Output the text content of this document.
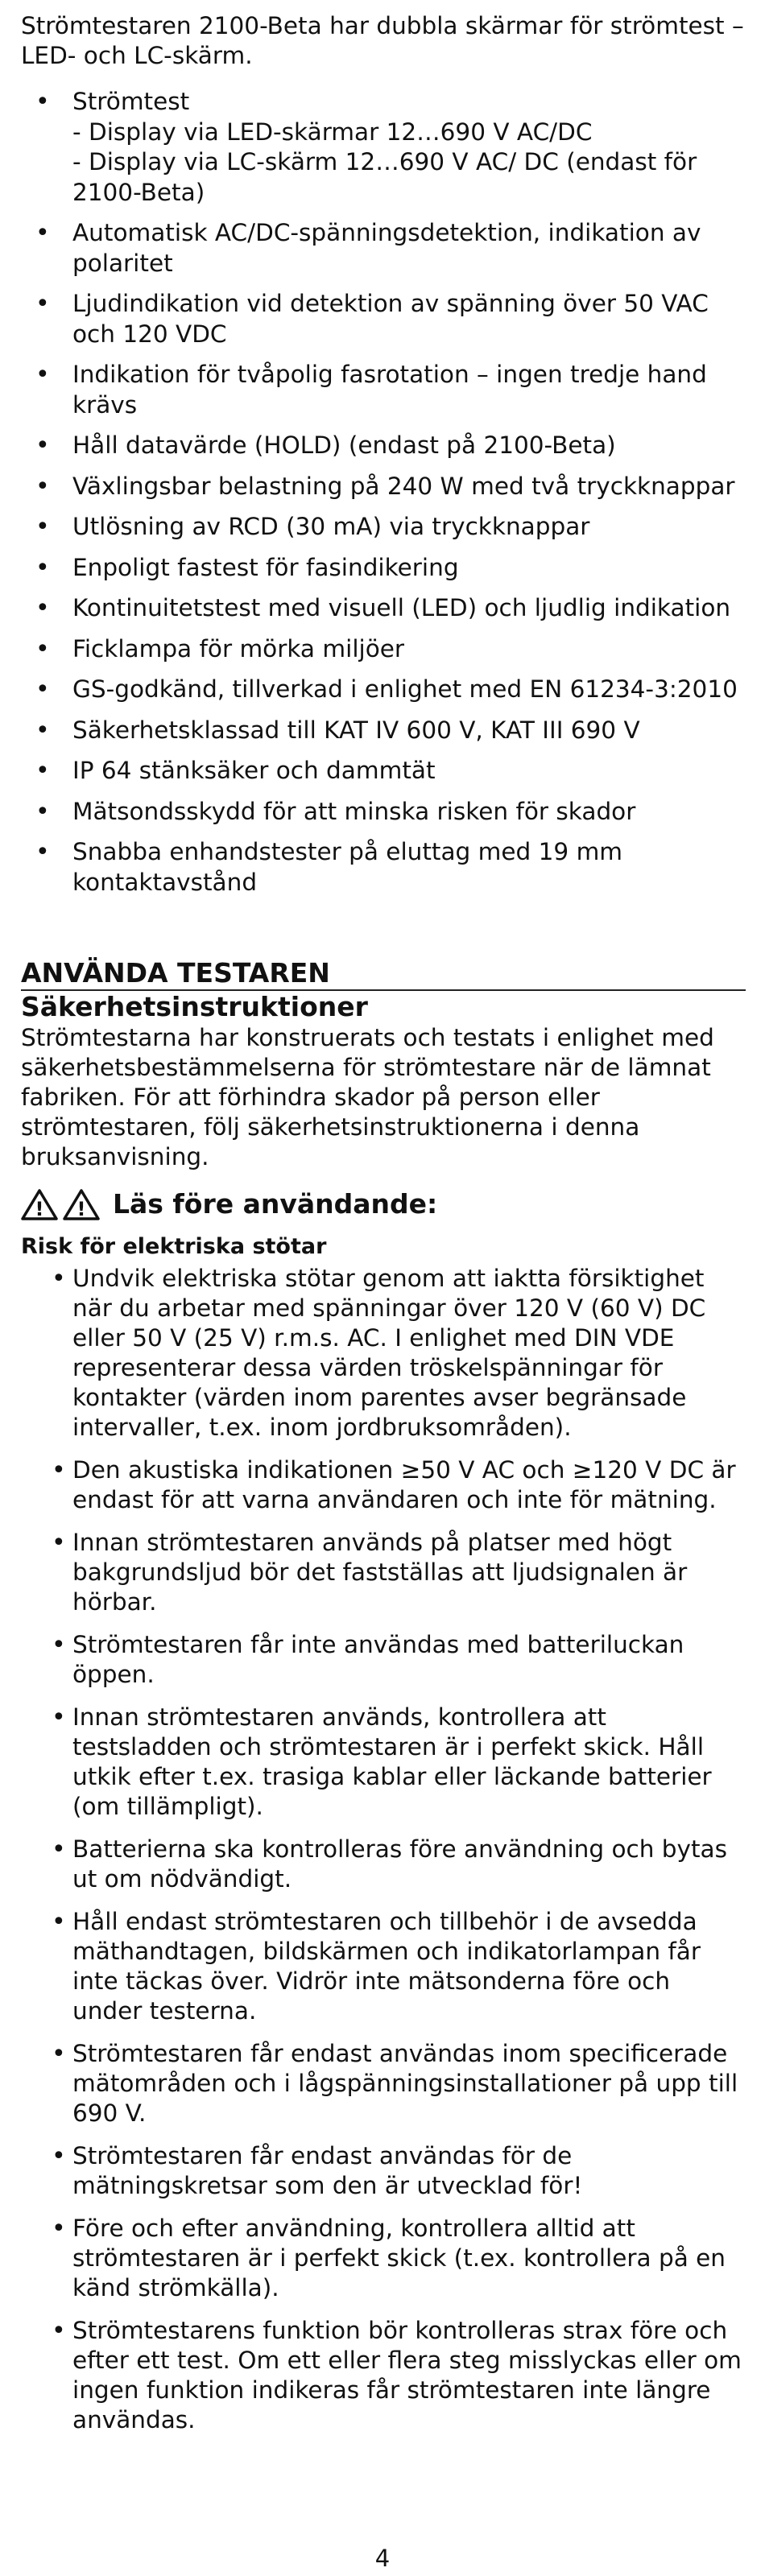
Strömtestaren 2100-Beta har dubbla skärmar för strömtest – LED- och LC-skärm.

• Strömtest
- Display via LED-skärmar 12…690 V AC/DC
- Display via LC-skärm 12…690 V AC/ DC (endast för 2100-Beta)
• Automatisk AC/DC-spänningsdetektion, indikation av polaritet
• Ljudindikation vid detektion av spänning över 50 VAC och 120 VDC
• Indikation för tvåpolig fasrotation – ingen tredje hand krävs
• Håll datavärde (HOLD) (endast på 2100-Beta)
• Växlingsbar belastning på 240 W med två tryckknappar
• Utlösning av RCD (30 mA) via tryckknappar
• Enpoligt fastest för fasindikering
• Kontinuitetstest med visuell (LED) och ljudlig indikation
• Ficklampa för mörka miljöer
• GS-godkänd, tillverkad i enlighet med EN 61234-3:2010
• Säkerhetsklassad till KAT IV 600 V, KAT III 690 V
• IP 64 stänksäker och dammtät
• Mätsondsskydd för att minska risken för skador
• Snabba enhandstester på eluttag med 19 mm kontaktavstånd
ANVÄNDA TESTAREN
Säkerhetsinstruktioner

Strömtestarna har konstruerats och testats i enlighet med säkerhetsbestämmelserna för strömtestare när de lämnat fabriken. För att förhindra skador på person eller strömtestaren, följ säkerhetsinstruktionerna i denna bruksanvisning.

! ! Läs före användande:
Risk för elektriska stötar
• Undvik elektriska stötar genom att iaktta försiktighet när du arbetar med spänningar över 120 V (60 V) DC eller 50 V (25 V) r.m.s. AC. I enlighet med DIN VDE representerar dessa värden tröskelspänningar för kontakter (värden inom parentes avser begränsade intervaller, t.ex. inom jordbruksområden).
• Den akustiska indikationen ≥50 V AC och ≥120 V DC är endast för att varna användaren och inte för mätning.
• Innan strömtestaren används på platser med högt bakgrundsljud bör det fastställas att ljudsignalen är hörbar.
• Strömtestaren får inte användas med batteriluckan öppen.
• Innan strömtestaren används, kontrollera att testsladden och strömtestaren är i perfekt skick. Håll utkik efter t.ex. trasiga kablar eller läckande batterier (om tillämpligt).
• Batterierna ska kontrolleras före användning och bytas ut om nödvändigt.
• Håll endast strömtestaren och tillbehör i de avsedda mäthandtagen, bildskärmen och indikatorlampan får inte täckas över. Vidrör inte mätsonderna före och under testerna.
• Strömtestaren får endast användas inom specificerade mätområden och i lågspänningsinstallationer på upp till 690 V.
• Strömtestaren får endast användas för de mätningskretsar som den är utvecklad för!
• Före och efter användning, kontrollera alltid att strömtestaren är i perfekt skick (t.ex. kontrollera på en känd strömkälla).
• Strömtestarens funktion bör kontrolleras strax före och efter ett test. Om ett eller flera steg misslyckas eller om ingen funktion indikeras får strömtestaren inte längre användas.
4
